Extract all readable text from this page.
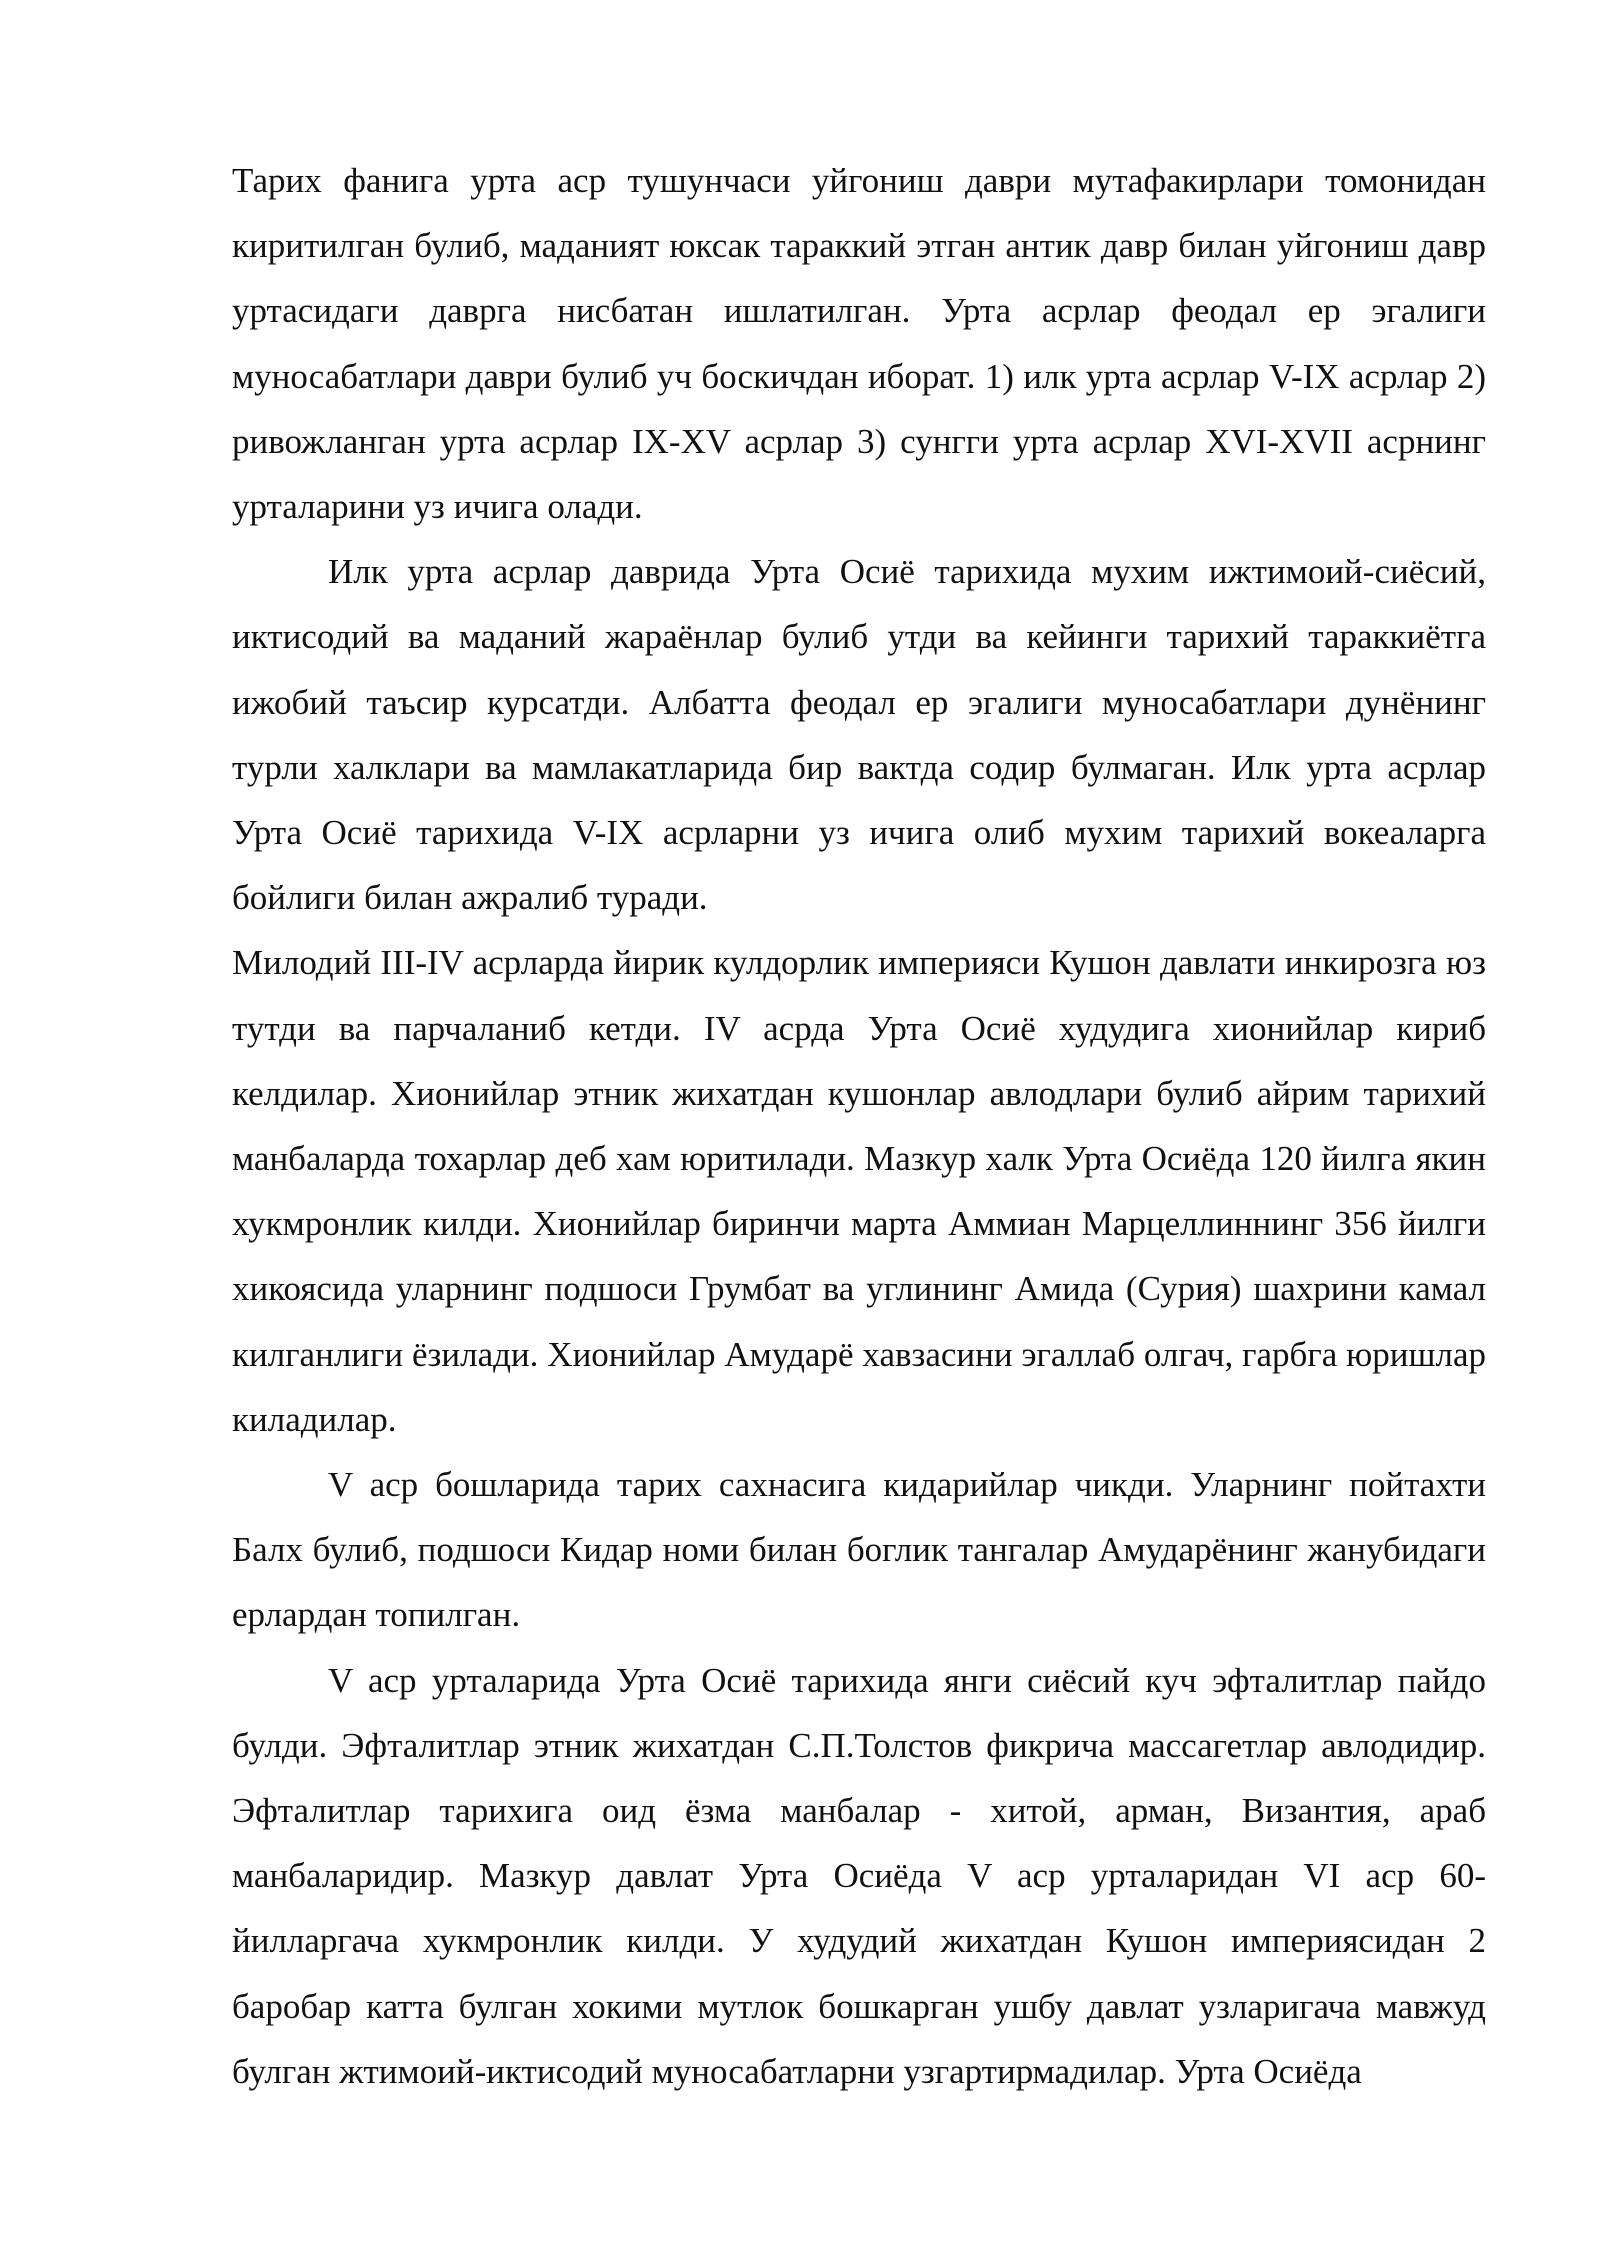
Тарих фанига урта аср тушунчаси уйгониш даври мутафакирлари томонидан киритилган булиб, маданият юксак тараккий этган антик давр билан уйгониш давр уртасидаги даврга нисбатан ишлатилган. Урта асрлар феодал ер эгалиги муносабатлари даври булиб уч боскичдан иборат. 1) илк урта асрлар V-IX асрлар 2) ривожланган урта асрлар IX-XV асрлар 3) сунгги урта асрлар XVI-XVII асрнинг урталарини уз ичига олади.

Илк урта асрлар даврида Урта Осиё тарихида мухим ижтимоий-сиёсий, иктисодий ва маданий жараёнлар булиб утди ва кейинги тарихий тараккиётга ижобий таъсир курсатди. Албатта феодал ер эгалиги муносабатлари дунёнинг турли халклари ва мамлакатларида бир вактда содир булмаган. Илк урта асрлар Урта Осиё тарихида V-IX асрларни уз ичига олиб мухим тарихий вокеаларга бойлиги билан ажралиб туради.

Милодий III-IV асрларда йирик кулдорлик империяси Кушон давлати инкирозга юз тутди ва парчаланиб кетди. IV асрда Урта Осиё худудига хионийлар кириб келдилар. Хионийлар этник жихатдан кушонлар авлодлари булиб айрим тарихий манбаларда тохарлар деб хам юритилади. Мазкур халк Урта Осиёда 120 йилга якин хукмронлик килди. Хионийлар биринчи марта Аммиан Марцеллиннинг 356 йилги хикоясида уларнинг подшоси Грумбат ва углининг Амида (Сурия) шахрини камал килганлиги ёзилади. Хионийлар Амударё хавзасини эгаллаб олгач, гарбга юришлар киладилар.

V аср бошларида тарих сахнасига кидарийлар чикди. Уларнинг пойтахти Балх булиб, подшоси Кидар номи билан боглик тангалар Амударёнинг жанубидаги ерлардан топилган.

V аср урталарида Урта Осиё тарихида янги сиёсий куч эфталитлар пайдо булди. Эфталитлар этник жихатдан С.П.Толстов фикрича массагетлар авлодидир. Эфталитлар тарихига оид ёзма манбалар - хитой, арман, Византия, араб манбаларидир. Мазкур давлат Урта Осиёда V аср урталаридан VI аср 60-йилларгача хукмронлик килди. У худудий жихатдан Кушон империясидан 2 баробар катта булган хокими мутлок бошкарган ушбу давлат узларигача мавжуд булган жтимоий-иктисодий муносабатларни узгартирмадилар. Урта Осиёда
